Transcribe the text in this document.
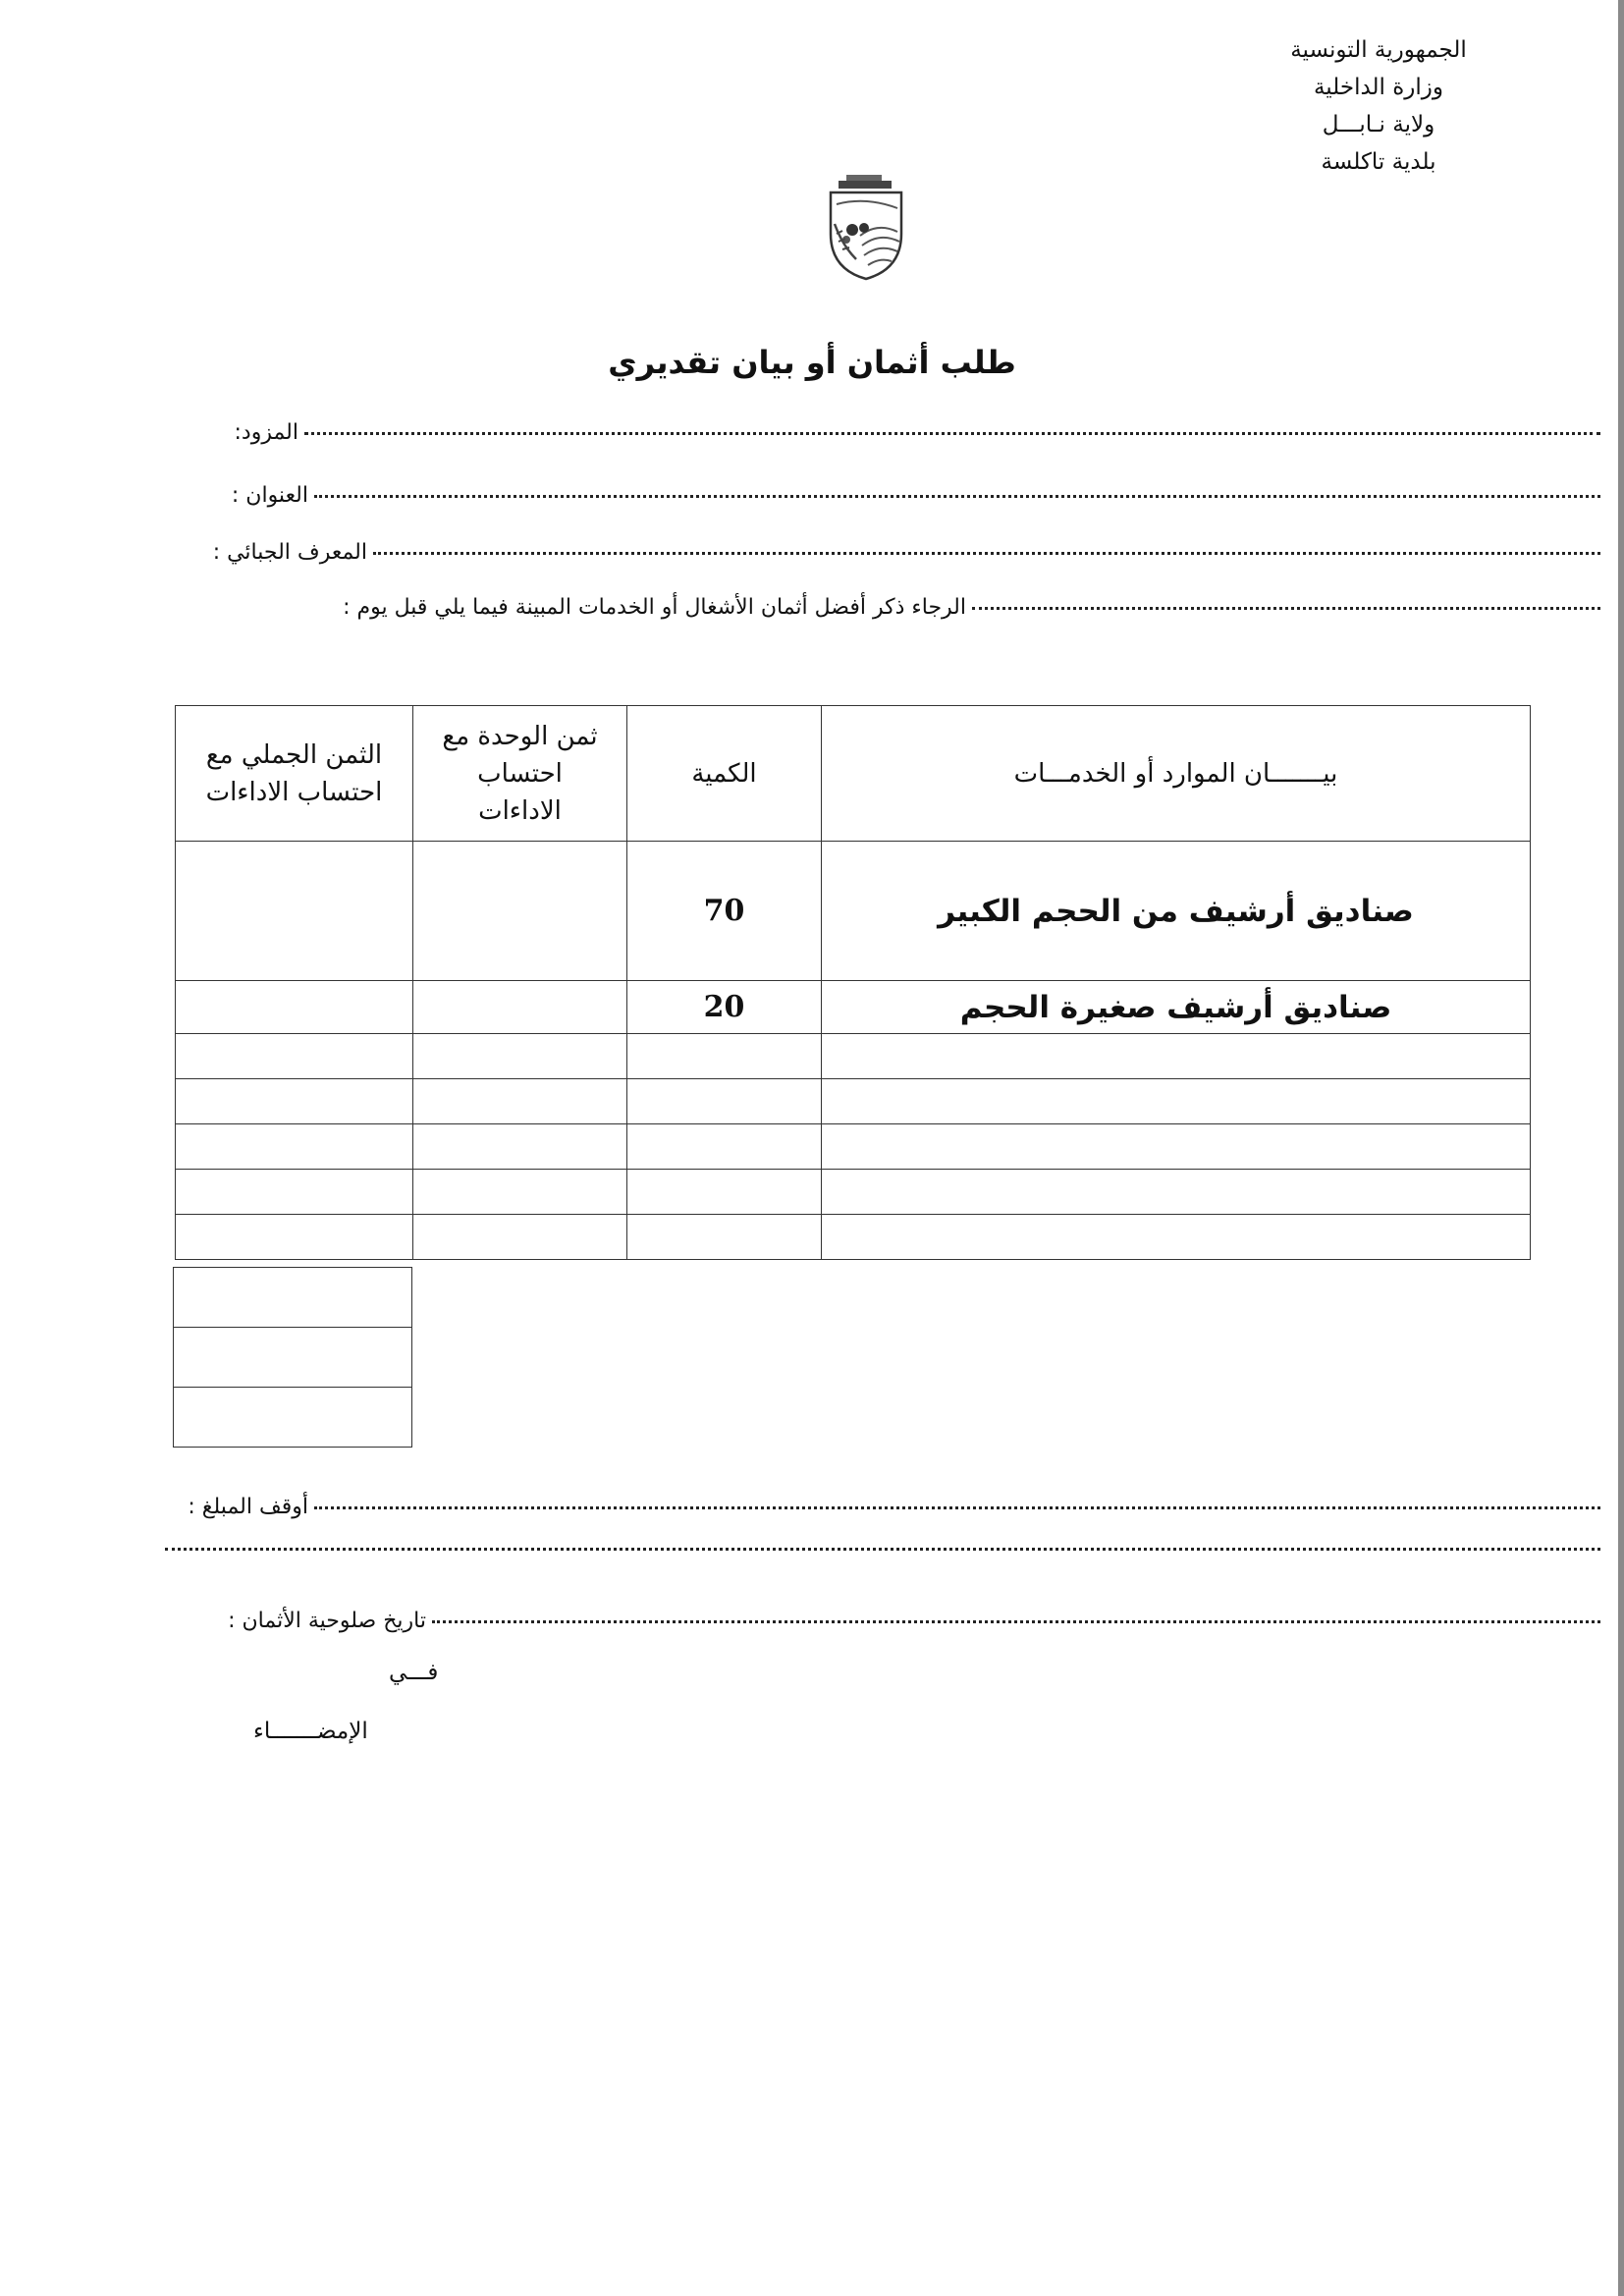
الجمهورية التونسية
وزارة الداخلية
ولاية نـابـــل
بلدية تاكلسة
طلب أثمان أو بيان تقديري
المزود:
العنوان :
المعرف الجبائي :
الرجاء ذكر أفضل أثمان الأشغال أو الخدمات المبينة فيما يلي قبل يوم :
بيـــــــان الموارد أو الخدمـــات	الكمية	ثمن الوحدة مع احتساب الاداءات	الثمن الجملي مع احتساب الاداءات
صناديق أرشيف من الحجم الكبير	70		
صناديق أرشيف صغيرة الحجم	20		

أوقف المبلغ :
تاريخ صلوحية الأثمان :
فـــي
الإمضـــــــاء
